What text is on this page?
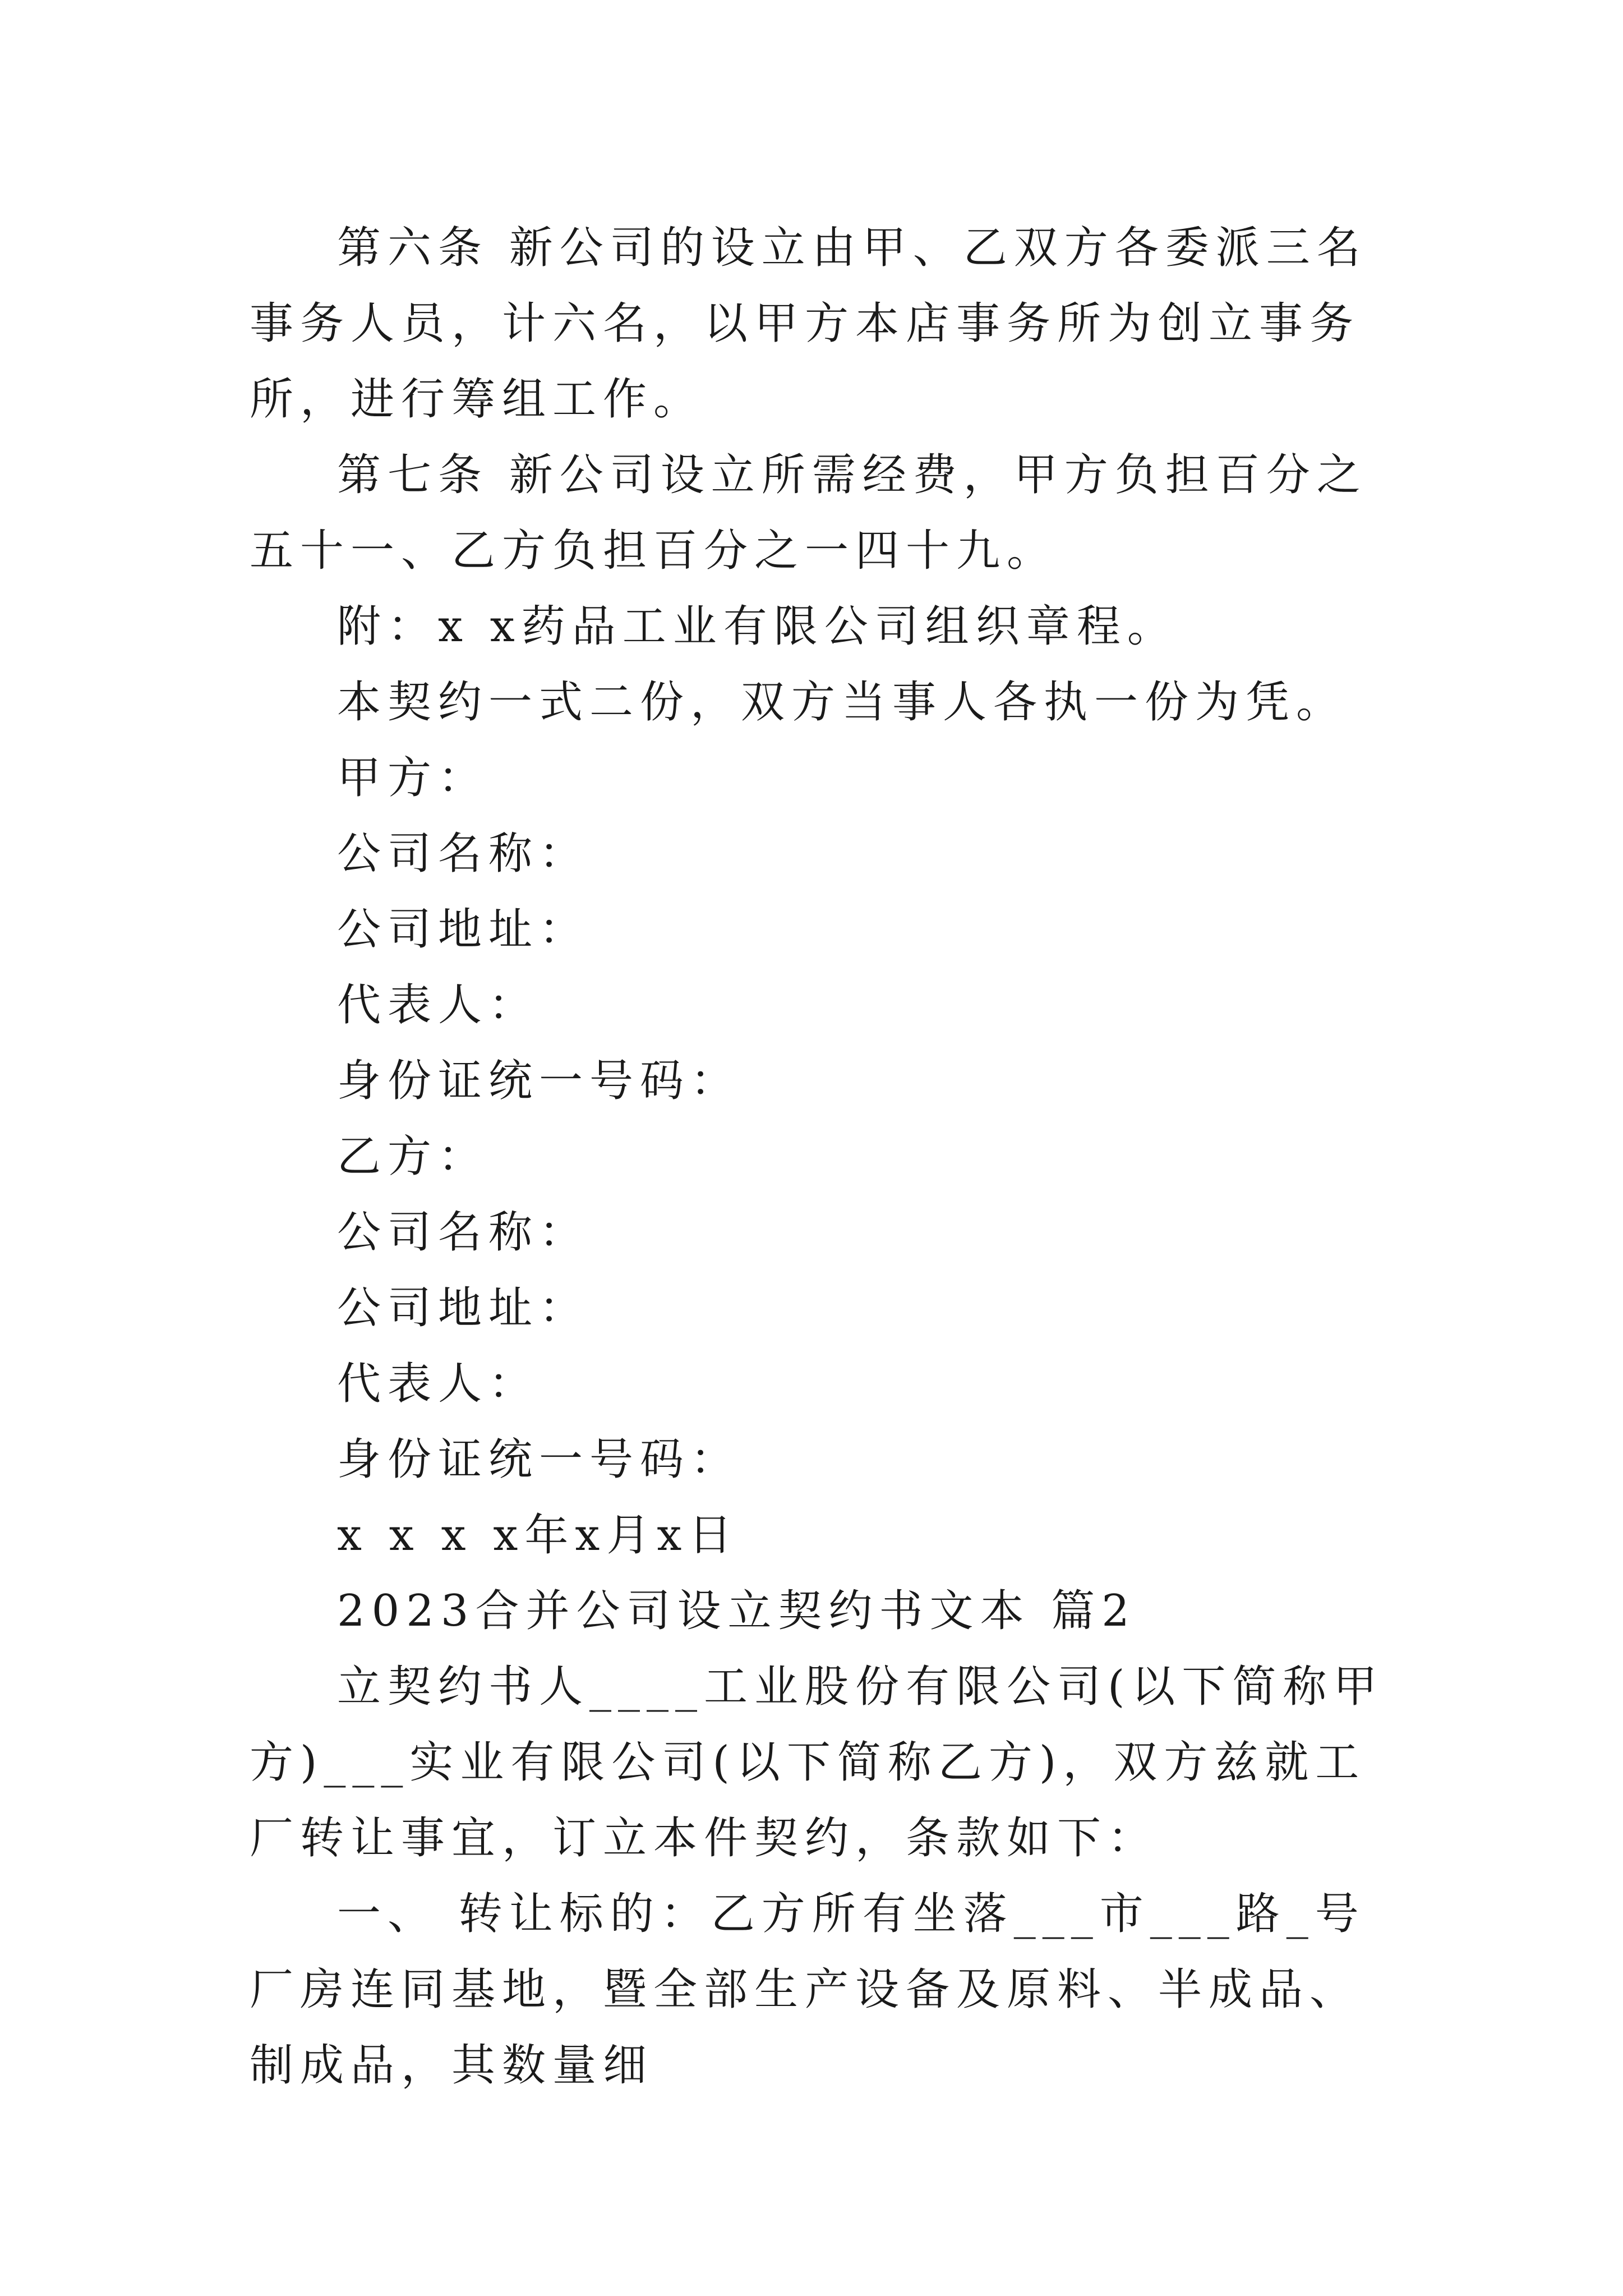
第六条 新公司的设立由甲、乙双方各委派三名事务人员，计六名，以甲方本店事务所为创立事务所，进行筹组工作。

第七条 新公司设立所需经费，甲方负担百分之五十一、乙方负担百分之一四十九。

附：x x药品工业有限公司组织章程。

本契约一式二份，双方当事人各执一份为凭。

甲方：

公司名称：

公司地址：

代表人：

身份证统一号码：

乙方：

公司名称：

公司地址：

代表人：

身份证统一号码：

x x x x年x月x日

2023合并公司设立契约书文本 篇2

立契约书人____工业股份有限公司(以下简称甲方)___实业有限公司(以下简称乙方)，双方兹就工厂转让事宜，订立本件契约，条款如下：

一、 转让标的：乙方所有坐落___市___路_号厂房连同基地，暨全部生产设备及原料、半成品、制成品，其数量细
